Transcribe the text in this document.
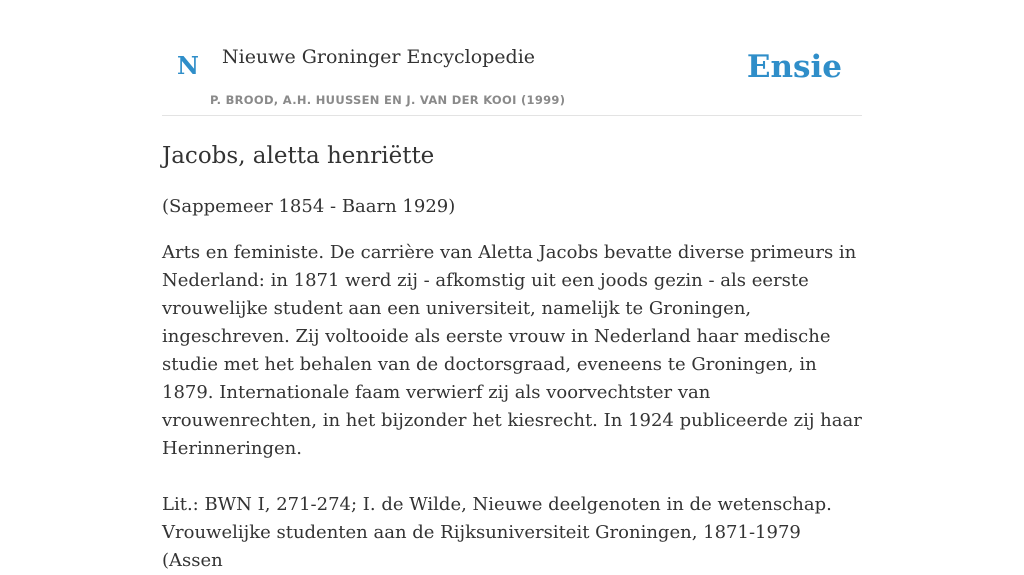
N Nieuwe Groninger Encyclopedie
P. BROOD, A.H. HUUSSEN EN J. VAN DER KOOI (1999)
Ensie
Jacobs, aletta henriëtte

(Sappemeer 1854 - Baarn 1929)

Arts en feministe. De carrière van Aletta Jacobs bevatte diverse primeurs in Nederland: in 1871 werd zij - afkomstig uit een joods gezin - als eerste vrouwelijke student aan een universiteit, namelijk te Groningen, ingeschreven. Zij voltooide als eerste vrouw in Nederland haar medische studie met het behalen van de doctorsgraad, eveneens te Groningen, in 1879. Internationale faam verwierf zij als voorvechtster van vrouwenrechten, in het bijzonder het kiesrecht. In 1924 publiceerde zij haar Herinneringen.

Lit.: BWN I, 271-274; I. de Wilde, Nieuwe deelgenoten in de wetenschap. Vrouwelijke studenten aan de Rijksuniversiteit Groningen, 1871-1979 (Assen
